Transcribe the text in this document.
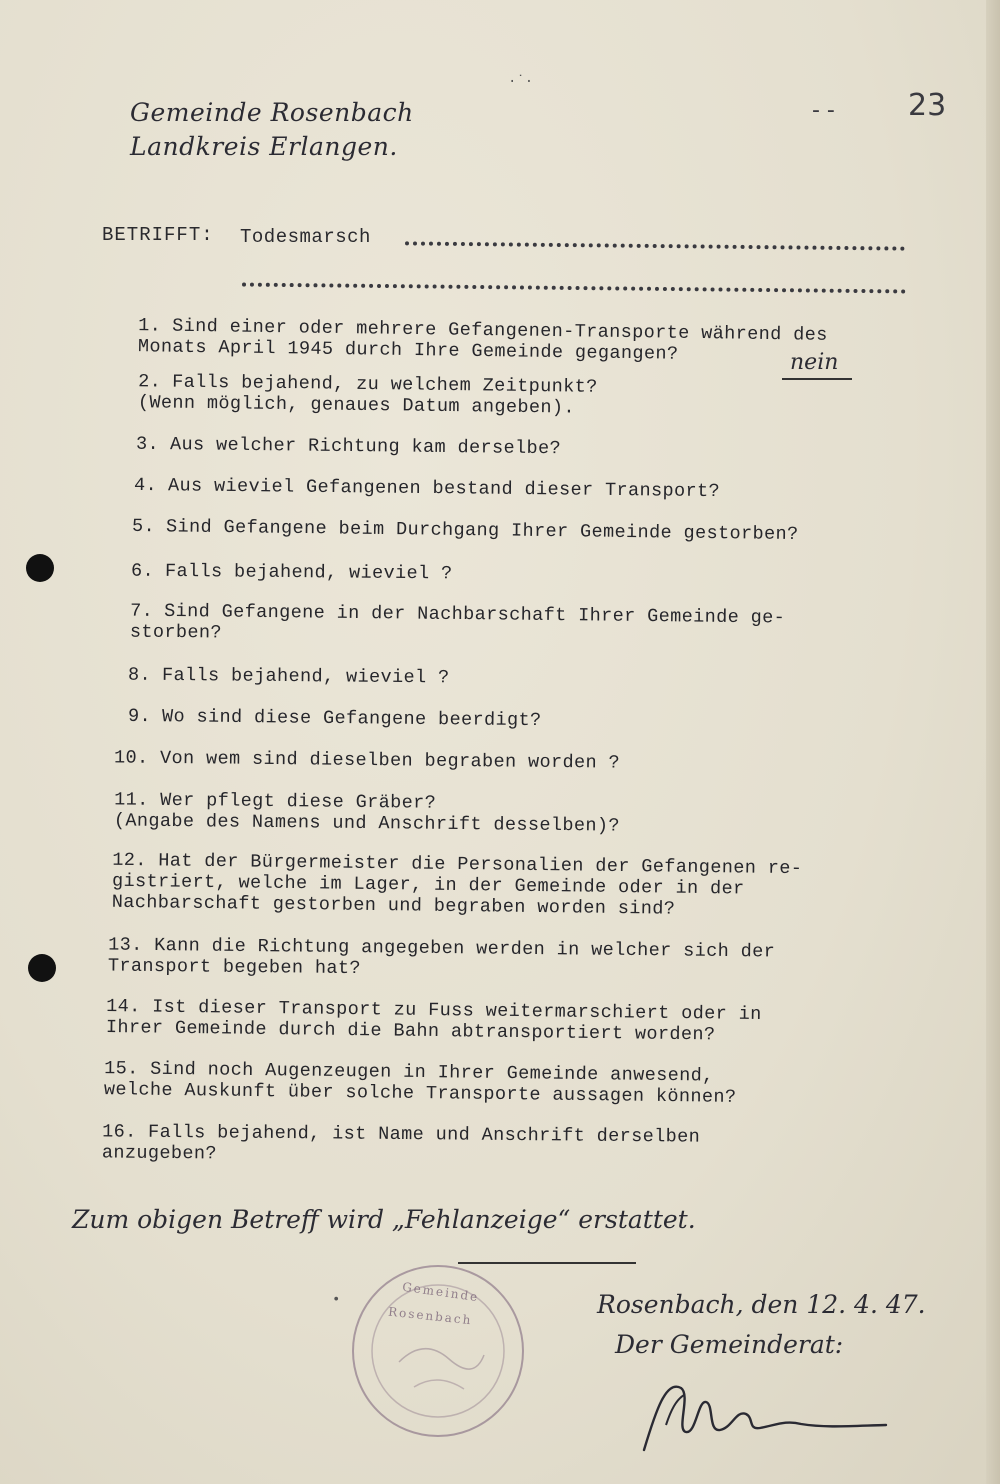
Gemeinde Rosenbach
Landkreis Erlangen.
- - 23
·˙·
BETRIFFT: Todesmarsch
1. Sind einer oder mehrere Gefangenen-Transporte während des
Monats April 1945 durch Ihre Gemeinde gegangen?
2. Falls bejahend, zu welchem Zeitpunkt?
(Wenn möglich, genaues Datum angeben).
3. Aus welcher Richtung kam derselbe?
4. Aus wieviel Gefangenen bestand dieser Transport?
5. Sind Gefangene beim Durchgang Ihrer Gemeinde gestorben?
6. Falls bejahend, wieviel ?
7. Sind Gefangene in der Nachbarschaft Ihrer Gemeinde ge-
storben?
8. Falls bejahend, wieviel ?
9. Wo sind diese Gefangene beerdigt?
10. Von wem sind dieselben begraben worden ?
11. Wer pflegt diese Gräber?
(Angabe des Namens und Anschrift desselben)?
12. Hat der Bürgermeister die Personalien der Gefangenen re-
gistriert, welche im Lager, in der Gemeinde oder in der
Nachbarschaft gestorben und begraben worden sind?
13. Kann die Richtung angegeben werden in welcher sich der
Transport begeben hat?
14. Ist dieser Transport zu Fuss weitermarschiert oder in
Ihrer Gemeinde durch die Bahn abtransportiert worden?
15. Sind noch Augenzeugen in Ihrer Gemeinde anwesend,
welche Auskunft über solche Transporte aussagen können?
16. Falls bejahend, ist Name und Anschrift derselben
anzugeben?
nein
Zum obigen Betreff wird „Fehlanzeige“ erstattet.
Gemeinde
Rosenbach
•	Rosenbach, den 12. 4. 47.
Der Gemeinderat:
